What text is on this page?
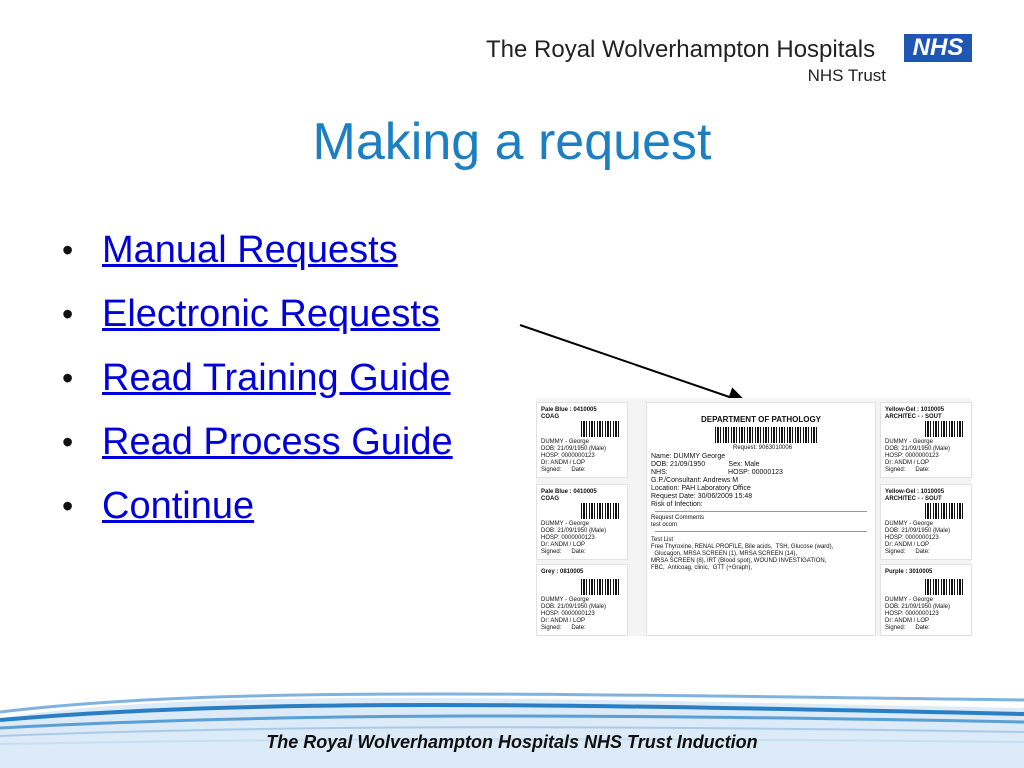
The Royal Wolverhampton Hospitals
NHS Trust
NHS
Making a request
• Manual Requests
• Electronic Requests
• Read Training Guide
• Read Process Guide
• Continue
Pale Blue : 0410005
COAG
DUMMY - George
DOB: 21/09/1950 (Male)
HOSP: 0000000123
Dr: ANDM / LOP
Signed:      Date:
Pale Blue : 0410005
COAG
DUMMY - George
DOB: 21/09/1950 (Male)
HOSP: 0000000123
Dr: ANDM / LOP
Signed:      Date:
Grey : 0810005
DUMMY - George
DOB: 21/09/1950 (Male)
HOSP: 0000000123
Dr: ANDM / LOP
Signed:      Date:
DEPARTMENT OF PATHOLOGY
Request: 9063010006
Name: DUMMY George
DOB: 21/09/1950            Sex: Male
NHS:                               HOSP: 00000123
G.P./Consultant: Andrews M
Location: PAH Laboratory Office
Request Date: 30/06/2009 15:48
Risk of Infection:
Request Comments
test ocom
Test List
Free Thyroxine, RENAL PROFILE, Bile acids,  TSH, Glucose (ward),
Glucagon, MRSA SCREEN (1), MRSA SCREEN (14),
MRSA SCREEN (8), IRT (Blood spot), WOUND INVESTIGATION,
FBC,  Anticoag. clinic,  GTT (+Graph),
Yellow-Gel : 1010005
ARCHITEC - - SOUT
DUMMY - George
DOB: 21/09/1950 (Male)
HOSP: 0000000123
Dr: ANDM / LOP
Signed:      Date:
Yellow-Gel : 1010005
ARCHITEC - - SOUT
DUMMY - George
DOB: 21/09/1950 (Male)
HOSP: 0000000123
Dr: ANDM / LOP
Signed:      Date:
Purple : 3010005
DUMMY - George
DOB: 21/09/1950 (Male)
HOSP: 0000000123
Dr: ANDM / LOP
Signed:      Date:
The Royal Wolverhampton Hospitals NHS Trust Induction
